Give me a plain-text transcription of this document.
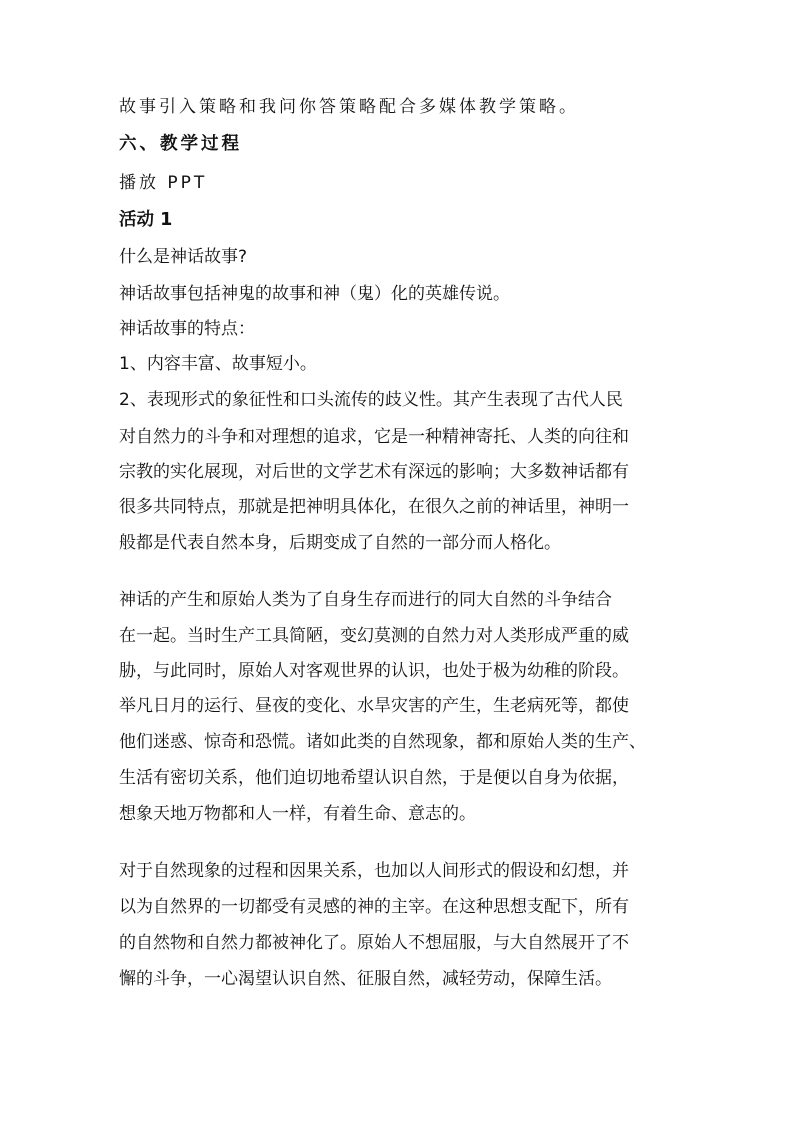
故事引入策略和我问你答策略配合多媒体教学策略。

六、教学过程

播放 PPT

活动 1

什么是神话故事?

神话故事包括神鬼的故事和神（鬼）化的英雄传说。

神话故事的特点：

1、内容丰富、故事短小。

2、表现形式的象征性和口头流传的歧义性。其产生表现了古代人民

对自然力的斗争和对理想的追求，它是一种精神寄托、人类的向往和

宗教的实化展现，对后世的文学艺术有深远的影响；大多数神话都有

很多共同特点，那就是把神明具体化，在很久之前的神话里，神明一

般都是代表自然本身，后期变成了自然的一部分而人格化。

神话的产生和原始人类为了自身生存而进行的同大自然的斗争结合

在一起。当时生产工具简陋，变幻莫测的自然力对人类形成严重的威

胁，与此同时，原始人对客观世界的认识，也处于极为幼稚的阶段。

举凡日月的运行、昼夜的变化、水旱灾害的产生，生老病死等，都使

他们迷惑、惊奇和恐慌。诸如此类的自然现象，都和原始人类的生产、

生活有密切关系，他们迫切地希望认识自然，于是便以自身为依据，

想象天地万物都和人一样，有着生命、意志的。

对于自然现象的过程和因果关系，也加以人间形式的假设和幻想，并

以为自然界的一切都受有灵感的神的主宰。在这种思想支配下，所有

的自然物和自然力都被神化了。原始人不想屈服，与大自然展开了不

懈的斗争，一心渴望认识自然、征服自然，减轻劳动，保障生活。
